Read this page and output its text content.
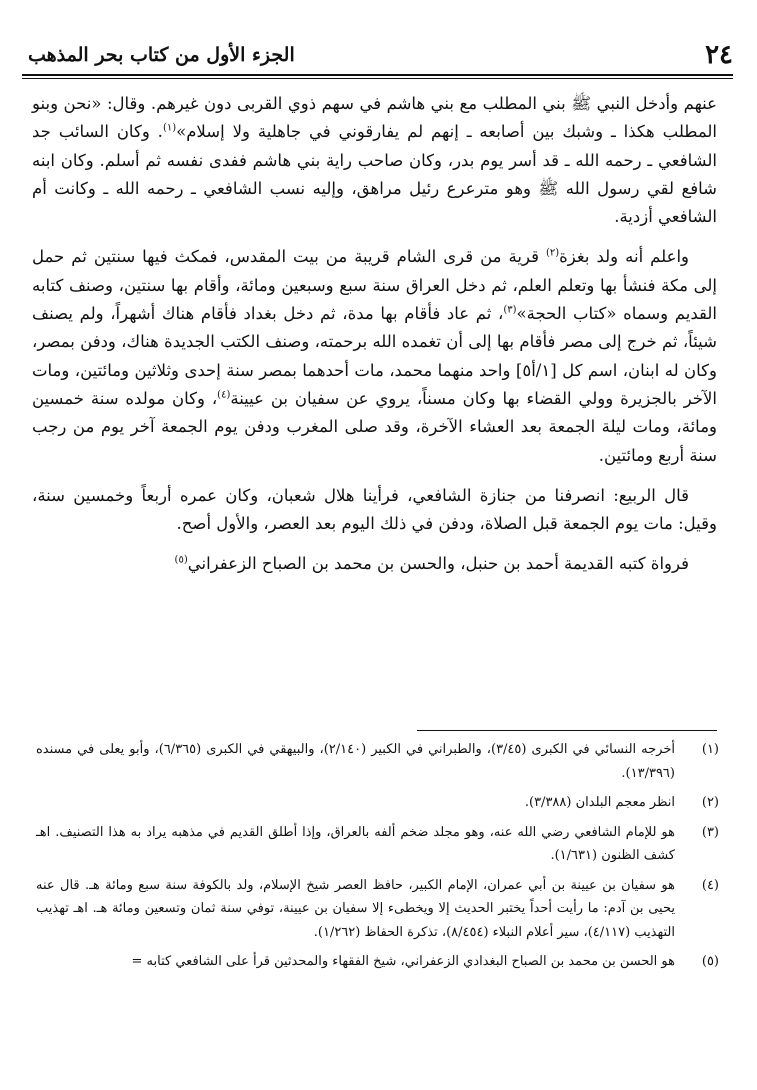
٢٤
الجزء الأول من كتاب بحر المذهب

عنهم وأدخل النبي ﷺ بني المطلب مع بني هاشم في سهم ذوي القربى دون غيرهم. وقال: «نحن وبنو المطلب هكذا ـ وشبك بين أصابعه ـ إنهم لم يفارقوني في جاهلية ولا إسلام»$^{(١)}$. وكان السائب جد الشافعي ـ رحمه الله ـ قد أسر يوم بدر، وكان صاحب راية بني هاشم ففدى نفسه ثم أسلم. وكان ابنه شافع لقي رسول الله ﷺ وهو مترعرع رئيل مراهق، وإليه نسب الشافعي ـ رحمه الله ـ وكانت أم الشافعي أزدية.

واعلم أنه ولد بغزة$^{(٢)}$ قرية من قرى الشام قريبة من بيت المقدس، فمكث فيها سنتين ثم حمل إلى مكة فنشأ بها وتعلم العلم، ثم دخل العراق سنة سبع وسبعين ومائة، وأقام بها سنتين، وصنف كتابه القديم وسماه «كتاب الحجة»$^{(٣)}$، ثم عاد فأقام بها مدة، ثم دخل بغداد فأقام هناك أشهراً، ولم يصنف شيئاً، ثم خرج إلى مصر فأقام بها إلى أن تغمده الله برحمته، وصنف الكتب الجديدة هناك، ودفن بمصر، وكان له ابنان، اسم كل [١/أ٥] واحد منهما محمد، مات أحدهما بمصر سنة إحدى وثلاثين ومائتين، ومات الآخر بالجزيرة وولي القضاء بها وكان مسناً، يروي عن سفيان بن عيينة$^{(٤)}$، وكان مولده سنة خمسين ومائة، ومات ليلة الجمعة بعد العشاء الآخرة، وقد صلى المغرب ودفن يوم الجمعة آخر يوم من رجب سنة أربع ومائتين.

قال الربيع: انصرفنا من جنازة الشافعي، فرأينا هلال شعبان، وكان عمره أربعاً وخمسين سنة، وقيل: مات يوم الجمعة قبل الصلاة، ودفن في ذلك اليوم بعد العصر، والأول أصح.

فرواة كتبه القديمة أحمد بن حنبل، والحسن بن محمد بن الصباح الزعفراني$^{(٥)}$

(١)
أخرجه النسائي في الكبرى (٣/٤٥)، والطبراني في الكبير (٢/١٤٠)، والبيهقي في الكبرى (٦/٣٦٥)، وأبو يعلى في مسنده (١٣/٣٩٦).
(٢)
انظر معجم البلدان (٣/٣٨٨).
(٣)
هو للإمام الشافعي رضي الله عنه، وهو مجلد ضخم ألفه بالعراق، وإذا أطلق القديم في مذهبه يراد به هذا التصنيف. اهـ كشف الظنون (١/٦٣١).
(٤)
هو سفيان بن عيينة بن أبي عمران، الإمام الكبير، حافظ العصر شيخ الإسلام، ولد بالكوفة سنة سبع ومائة هـ. قال عنه يحيى بن آدم: ما رأيت أحداً يختبر الحديث إلا ويخطىء إلا سفيان بن عيينة، توفي سنة ثمان وتسعين ومائة هـ. اهـ تهذيب التهذيب (٤/١١٧)، سير أعلام النبلاء (٨/٤٥٤)، تذكرة الحفاظ (١/٢٦٢).
(٥)
هو الحسن بن محمد بن الصباح البغدادي الزعفراني، شيخ الفقهاء والمحدثين قرأ على الشافعي كتابه =
